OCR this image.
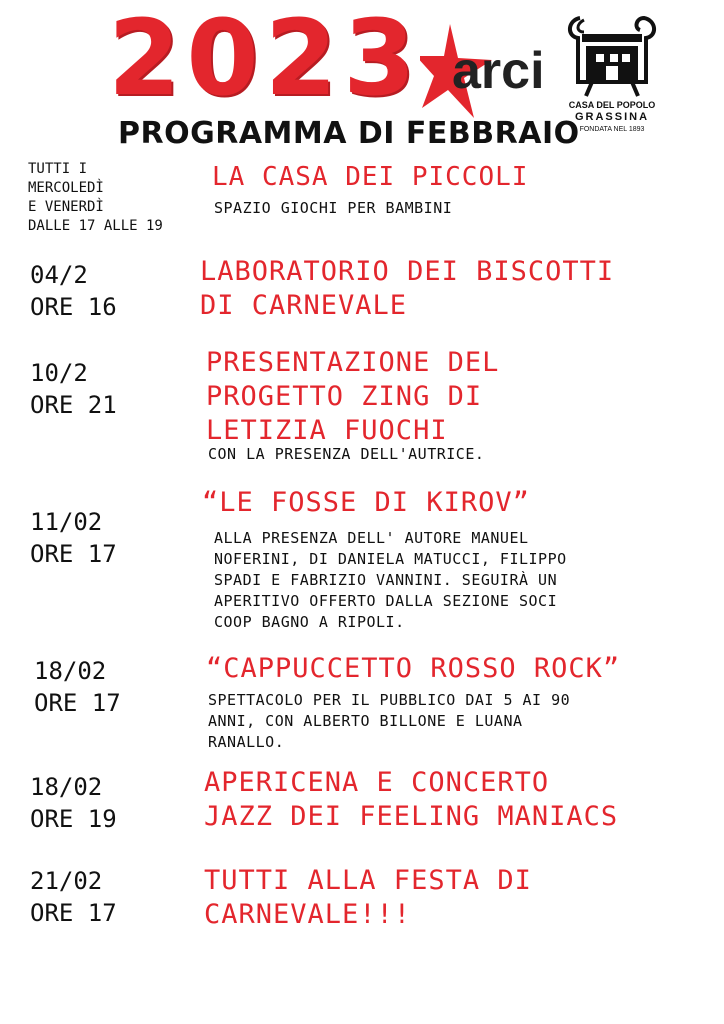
2023 arci
CASA DEL POPOLO
GRASSINA
FONDATA NEL 1893
PROGRAMMA DI FEBBRAIO
TUTTI I
MERCOLEDÌ
E VENERDÌ
DALLE 17 ALLE 19
LA CASA DEI PICCOLI
SPAZIO GIOCHI PER BAMBINI
04/2
ORE 16
LABORATORIO DEI BISCOTTI
DI CARNEVALE
10/2
ORE 21
PRESENTAZIONE DEL
PROGETTO ZING DI
LETIZIA FUOCHI
CON LA PRESENZA DELL'AUTRICE.
11/02
ORE 17
“LE FOSSE DI KIROV”
ALLA PRESENZA DELL' AUTORE MANUEL
NOFERINI, DI DANIELA MATUCCI, FILIPPO
SPADI E FABRIZIO VANNINI. SEGUIRÀ UN
APERITIVO OFFERTO DALLA SEZIONE SOCI
COOP BAGNO A RIPOLI.
18/02
ORE 17
“CAPPUCCETTO ROSSO ROCK”
SPETTACOLO PER IL PUBBLICO DAI 5 AI 90
ANNI, CON ALBERTO BILLONE E LUANA
RANALLO.
18/02
ORE 19
APERICENA E CONCERTO
JAZZ DEI FEELING MANIACS
21/02
ORE 17
TUTTI ALLA FESTA DI
CARNEVALE!!!
